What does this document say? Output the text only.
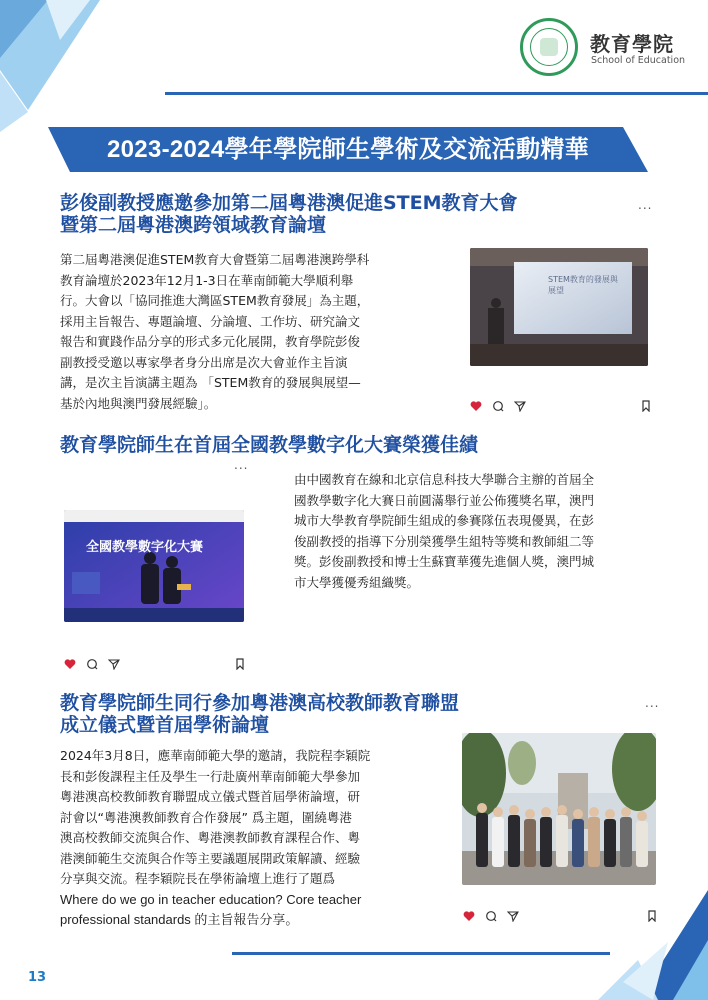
教育學院
School of Education
2023-2024學年學院師生學術及交流活動精華
彭俊副教授應邀參加第二屆粵港澳促進STEM教育大會
暨第二屆粵港澳跨領域教育論壇
...
第二屆粵港澳促進STEM教育大會暨第二屆粵港澳跨學科
教育論壇於2023年12月1-3日在華南師範大學順利舉
行。大會以「協同推進大灣區STEM教育發展」為主題，
採用主旨報告、專題論壇、分論壇、工作坊、研究論文
報告和實踐作品分享的形式多元化展開，教育學院彭俊
副教授受邀以專家學者身分出席是次大會並作主旨演
講，是次主旨演講主題為 「STEM教育的發展與展望—
基於內地與澳門發展經驗」。
STEM教育的發展與展望
教育學院師生在首屆全國教學數字化大賽榮獲佳績
...
全國教學數字化大賽
由中國教育在線和北京信息科技大學聯合主辦的首屆全
國教學數字化大賽日前圓滿舉行並公佈獲獎名單，澳門
城市大學教育學院師生組成的參賽隊伍表現優異，在彭
俊副教授的指導下分別榮獲學生組特等獎和教師組二等
獎。彭俊副教授和博士生蘇寶華獲先進個人獎，澳門城
市大學獲優秀組織獎。
教育學院師生同行參加粵港澳高校教師教育聯盟
成立儀式暨首屆學術論壇
...
2024年3月8日，應華南師範大學的邀請，我院程李穎院
長和彭俊課程主任及學生一行赴廣州華南師範大學參加
粵港澳高校教師教育聯盟成立儀式暨首屆學術論壇，研
討會以“粵港澳教師教育合作發展” 爲主題，圍繞粵港
澳高校教師交流與合作、粵港澳教師教育課程合作、粵
港澳師範生交流與合作等主要議題展開政策解讀、經驗
分享與交流。程李穎院長在學術論壇上進行了題爲
Where do we go in teacher education? Core teacher
professional standards 的主旨報告分享。
13
